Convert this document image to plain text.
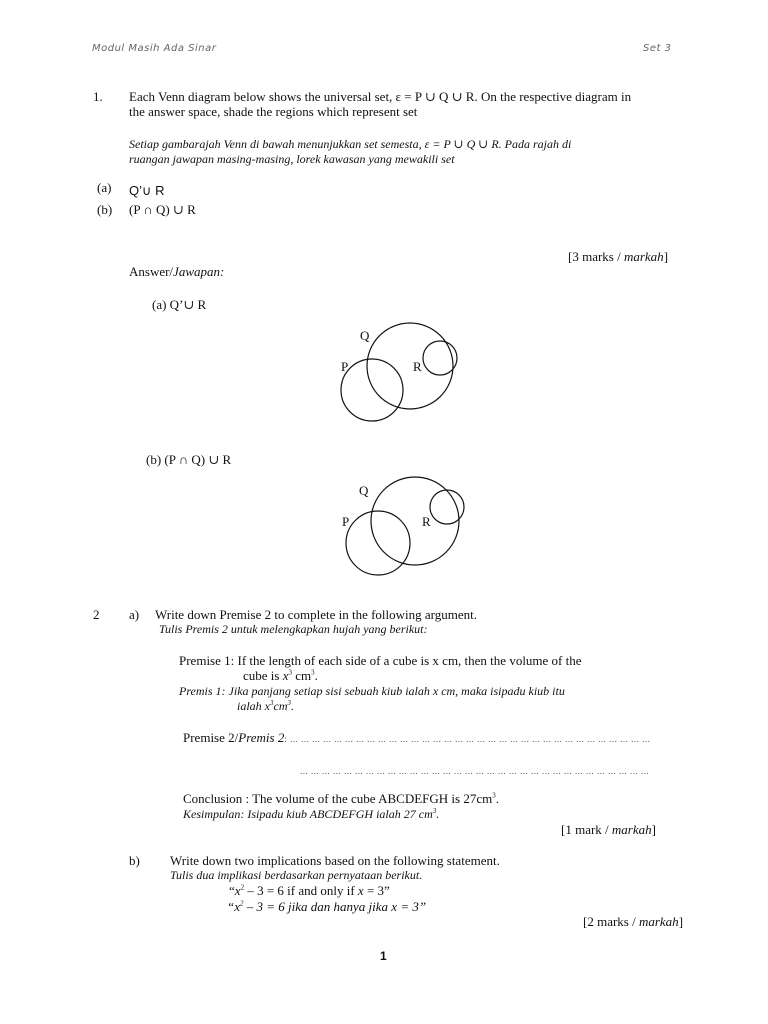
Modul Masih Ada Sinar	Set 3
1. Each Venn diagram below shows the universal set, ε = P ∪ Q ∪ R. On the respective diagram in
the answer space, shade the regions which represent set
Setiap gambarajah Venn di bawah menunjukkan set semesta, ε = P ∪ Q ∪ R. Pada rajah di
ruangan jawapan masing-masing, lorek kawasan yang mewakili set
(a) Q’∪ R
(b) (P ∩ Q) ∪ R
[3 marks / markah]
Answer/Jawapan:
(a) Q’∪ R
Q
P	R
(b) (P ∩ Q) ∪ R
Q
P	R
2 a) Write down Premise 2 to complete in the following argument.
Tulis Premis 2 untuk melengkapkan hujah yang berikut:
Premise 1: If the length of each side of a cube is x cm, then the volume of the
cube is $x^3$ $cm^3$.
Premis 1: Jika panjang setiap sisi sebuah kiub ialah x cm, maka isipadu kiub itu
ialah $x^3cm^3$.
Premise 2/Premis 2: ... ... ... ... ... ... ... ... ... ... ... ... ... ... ... ... ... ... ... ... ... ... ... ... ... ... ... ... ... ... ... ... ...
... ... ... ... ... ... ... ... ... ... ... ... ... ... ... ... ... ... ... ... ... ... ... ... ... ... ... ... ... ... ... ...
Conclusion : The volume of the cube ABCDEFGH is $27cm^3$.
Kesimpulan: Isipadu kiub ABCDEFGH ialah 27 $cm^3$.
[1 mark / markah]
b) Write down two implications based on the following statement.
Tulis dua implikasi berdasarkan pernyataan berikut.
“$x^2 - 3 = 6$ if and only if x = 3”
“$x^2 - 3 = 6$ jika dan hanya jika x = 3”
[2 marks / markah]
1
